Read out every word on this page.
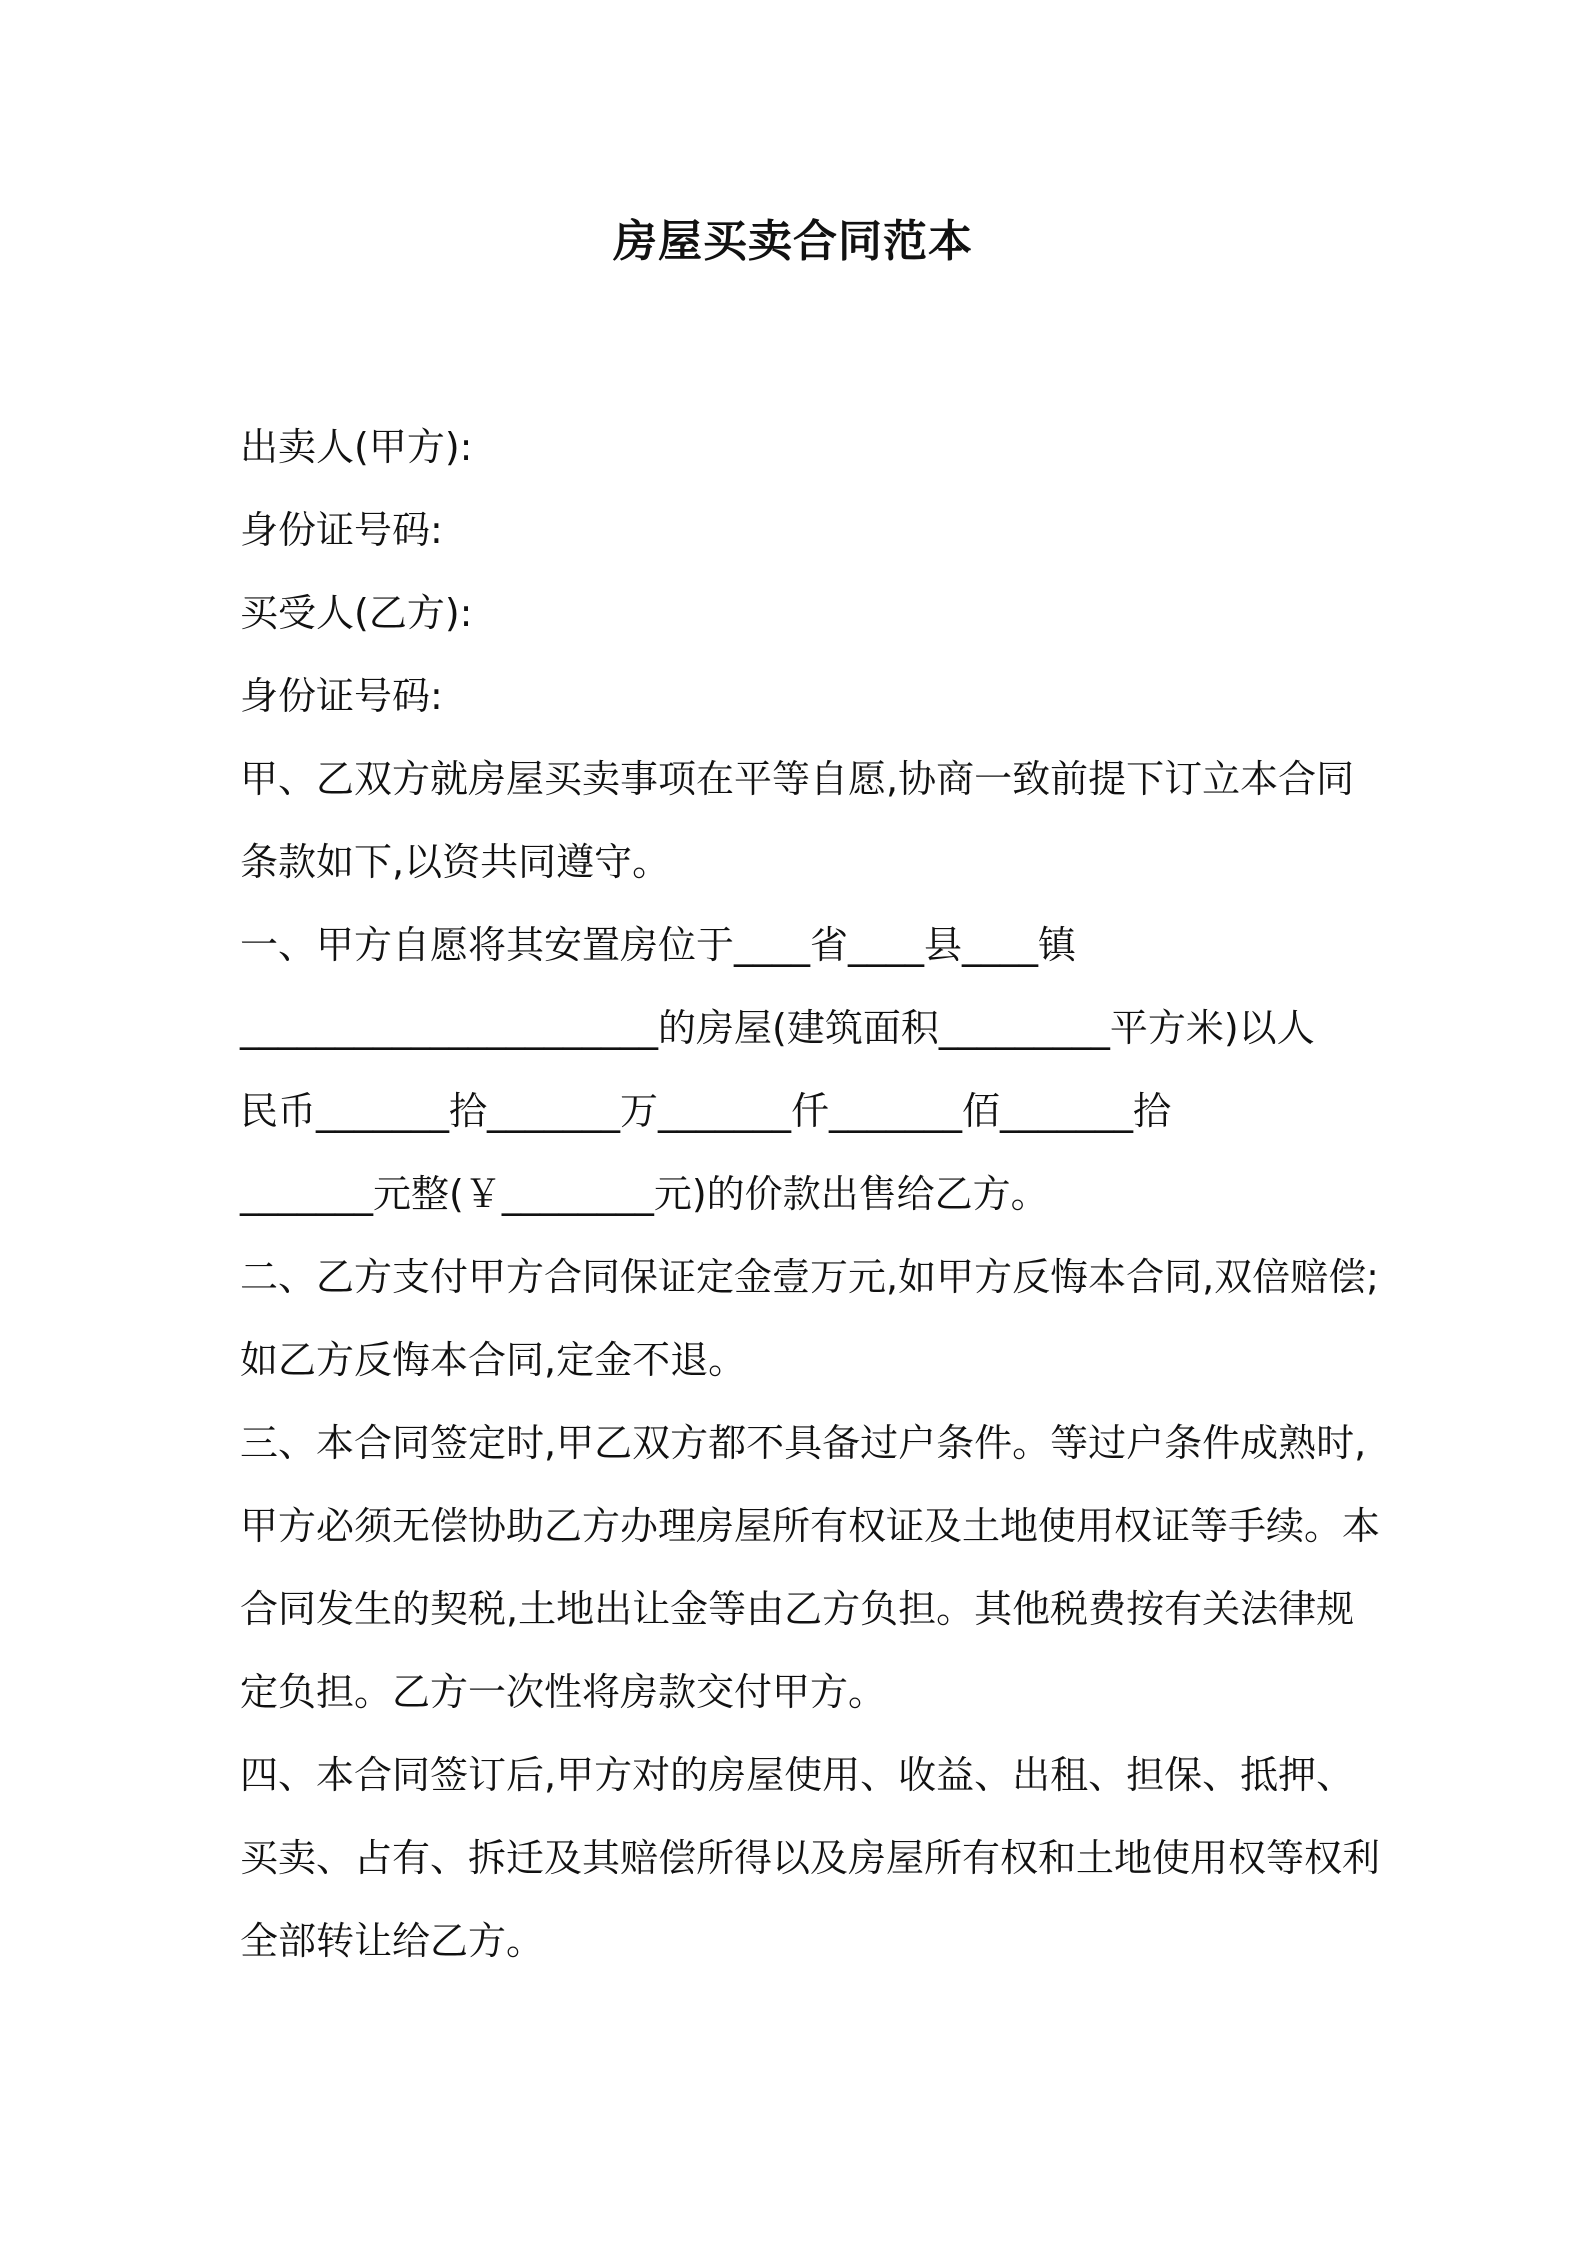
房屋买卖合同范本
出卖人(甲方):
身份证号码:
买受人(乙方):
身份证号码:
甲、乙双方就房屋买卖事项在平等自愿,协商一致前提下订立本合同
条款如下,以资共同遵守。
一、甲方自愿将其安置房位于____省____县____镇
______________________的房屋(建筑面积_________平方米)以人
民币_______拾_______万_______仟_______佰_______拾
_______元整(￥________元)的价款出售给乙方。
二、乙方支付甲方合同保证定金壹万元,如甲方反悔本合同,双倍赔偿;
如乙方反悔本合同,定金不退。
三、本合同签定时,甲乙双方都不具备过户条件。等过户条件成熟时,
甲方必须无偿协助乙方办理房屋所有权证及土地使用权证等手续。本
合同发生的契税,土地出让金等由乙方负担。其他税费按有关法律规
定负担。乙方一次性将房款交付甲方。
四、本合同签订后,甲方对的房屋使用、收益、出租、担保、抵押、
买卖、占有、拆迁及其赔偿所得以及房屋所有权和土地使用权等权利
全部转让给乙方。
